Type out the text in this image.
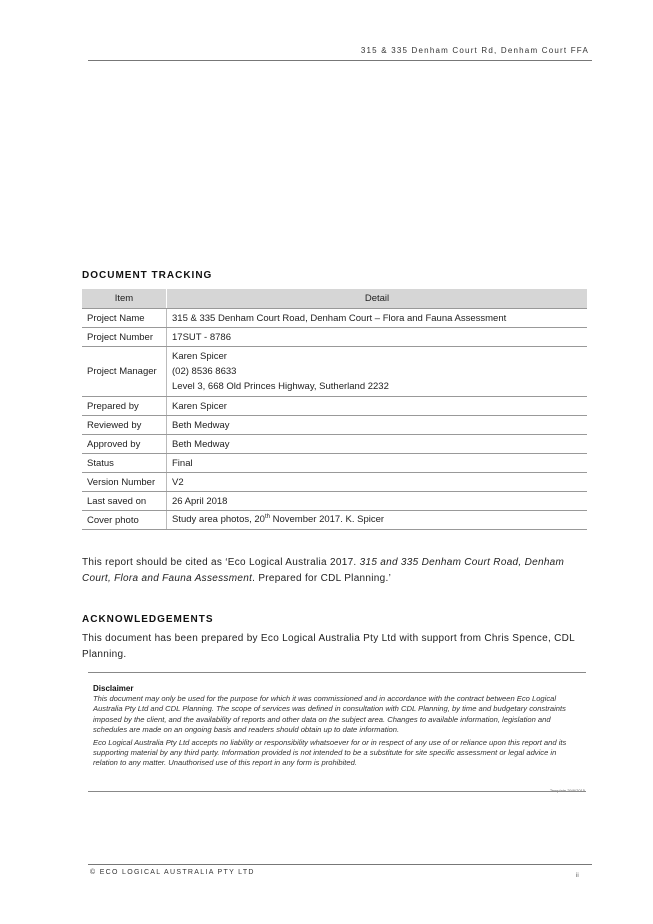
315 & 335 Denham Court Rd, Denham Court FFA
DOCUMENT TRACKING
Item	Detail
Project Name	315 & 335 Denham Court Road, Denham Court – Flora and Fauna Assessment
Project Number	17SUT - 8786
Project Manager	Karen Spicer
(02) 8536 8633
Level 3, 668 Old Princes Highway, Sutherland 2232

Prepared by	Karen Spicer
Reviewed by	Beth Medway
Approved by	Beth Medway
Status	Final
Version Number	V2
Last saved on	26 April 2018
Cover photo	Study area photos, 20th November 2017. K. Spicer
This report should be cited as ‘Eco Logical Australia 2017. 315 and 335 Denham Court Road, Denham Court, Flora and Fauna Assessment. Prepared for CDL Planning.’
ACKNOWLEDGEMENTS
This document has been prepared by Eco Logical Australia Pty Ltd with support from Chris Spence, CDL Planning.
Disclaimer

This document may only be used for the purpose for which it was commissioned and in accordance with the contract between Eco Logical Australia Pty Ltd and CDL Planning. The scope of services was defined in consultation with CDL Planning, by time and budgetary constraints imposed by the client, and the availability of reports and other data on the subject area. Changes to available information, legislation and schedules are made on an ongoing basis and readers should obtain up to date information.

Eco Logical Australia Pty Ltd accepts no liability or responsibility whatsoever for or in respect of any use of or reliance upon this report and its supporting material by any third party. Information provided is not intended to be a substitute for site specific assessment or legal advice in relation to any matter. Unauthorised use of this report in any form is prohibited.

Template 29/9/2015
© ECO LOGICAL AUSTRALIA PTY LTD	ii
